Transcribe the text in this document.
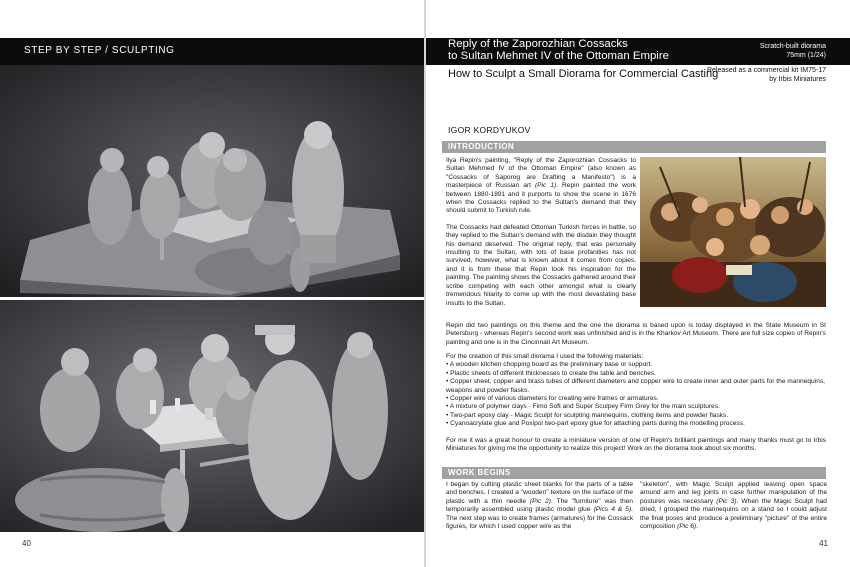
STEP BY STEP / SCULPTING
40
Reply of the Zaporozhian Cossacks
to Sultan Mehmet IV of the Ottoman Empire
Scratch-built diorama
75mm (1/24)
How to Sculpt a Small Diorama for Commercial Casting
Released as a commercial kit IM75-17
by Irbis Miniatures
IGOR KORDYUKOV
INTRODUCTION

Ilya Repin's painting, "Reply of the Zaporozhian Cossacks to Sultan Mehmed IV of the Ottoman Empire" (also known as "Cossacks of Saporog are Drafting a Manifesto") is a masterpiece of Russian art (Pic 1). Repin painted the work between 1880-1891 and it purports to show the scene in 1676 when the Cossacks replied to the Sultan's demand that they should submit to Turkish rule.

The Cossacks had defeated Ottoman Turkish forces in battle, so they replied to the Sultan's demand with the disdain they thought his demand deserved. The original reply, that was personally insulting to the Sultan, with lots of base profanities has not survived, however, what is known about it comes from copies, and it is from these that Repin took his inspiration for the painting. The painting shows the Cossacks gathered around their scribe competing with each other amongst what is clearly tremendous hilarity to come up with the most devastating base insults to the Sultan.

Repin did two paintings on this theme and the one the diorama is based upon is today displayed in the State Museum in St Petersburg - whereas Repin's second work was unfinished and is in the Kharkov Art Museum. There are full size copies of Repin's painting and one is in the Cincinnati Art Museum.

For the creation of this small diorama I used the following materials:

• A wooden kitchen chopping board as the preliminary base or support.
• Plastic sheets of different thicknesses to create the table and benches.
• Copper sheet, copper and brass tubes of different diameters and copper wire to create inner and outer parts for the mannequins, weapons and powder flasks.
• Copper wire of various diameters for creating wire frames or armatures.
• A mixture of polymer clays - Fimo Soft and Super Sculpey Firm Grey for the main sculptures.
• Two-part epoxy clay - Magic Sculpt for sculpting mannequins, clothing items and powder flasks.
• Cyanoacrylate glue and Poxipol two-part epoxy glue for attaching parts during the modelling process.

For me it was a great honour to create a miniature version of one of Repin's brilliant paintings and many thanks must go to Irbis Miniatures for giving me the opportunity to realize this project! Work on the diorama took about six months.

WORK BEGINS

I began by cutting plastic sheet blanks for the parts of a table and benches. I created a "wooden" texture on the surface of the plastic with a thin needle (Pic 2). The "furniture" was then temporarily assembled using plastic model glue (Pics 4 & 5). The next step was to create frames (armatures) for the Cossack figures, for which I used copper wire as the

"skeleton", with Magic Sculpt applied leaving open space around arm and leg joints in case further manipulation of the postures was necessary (Pic 3). When the Magic Sculpt had dried, I grouped the mannequins on a stand so I could adjust the final poses and produce a preliminary "picture" of the entire composition (Pic 6).

41
